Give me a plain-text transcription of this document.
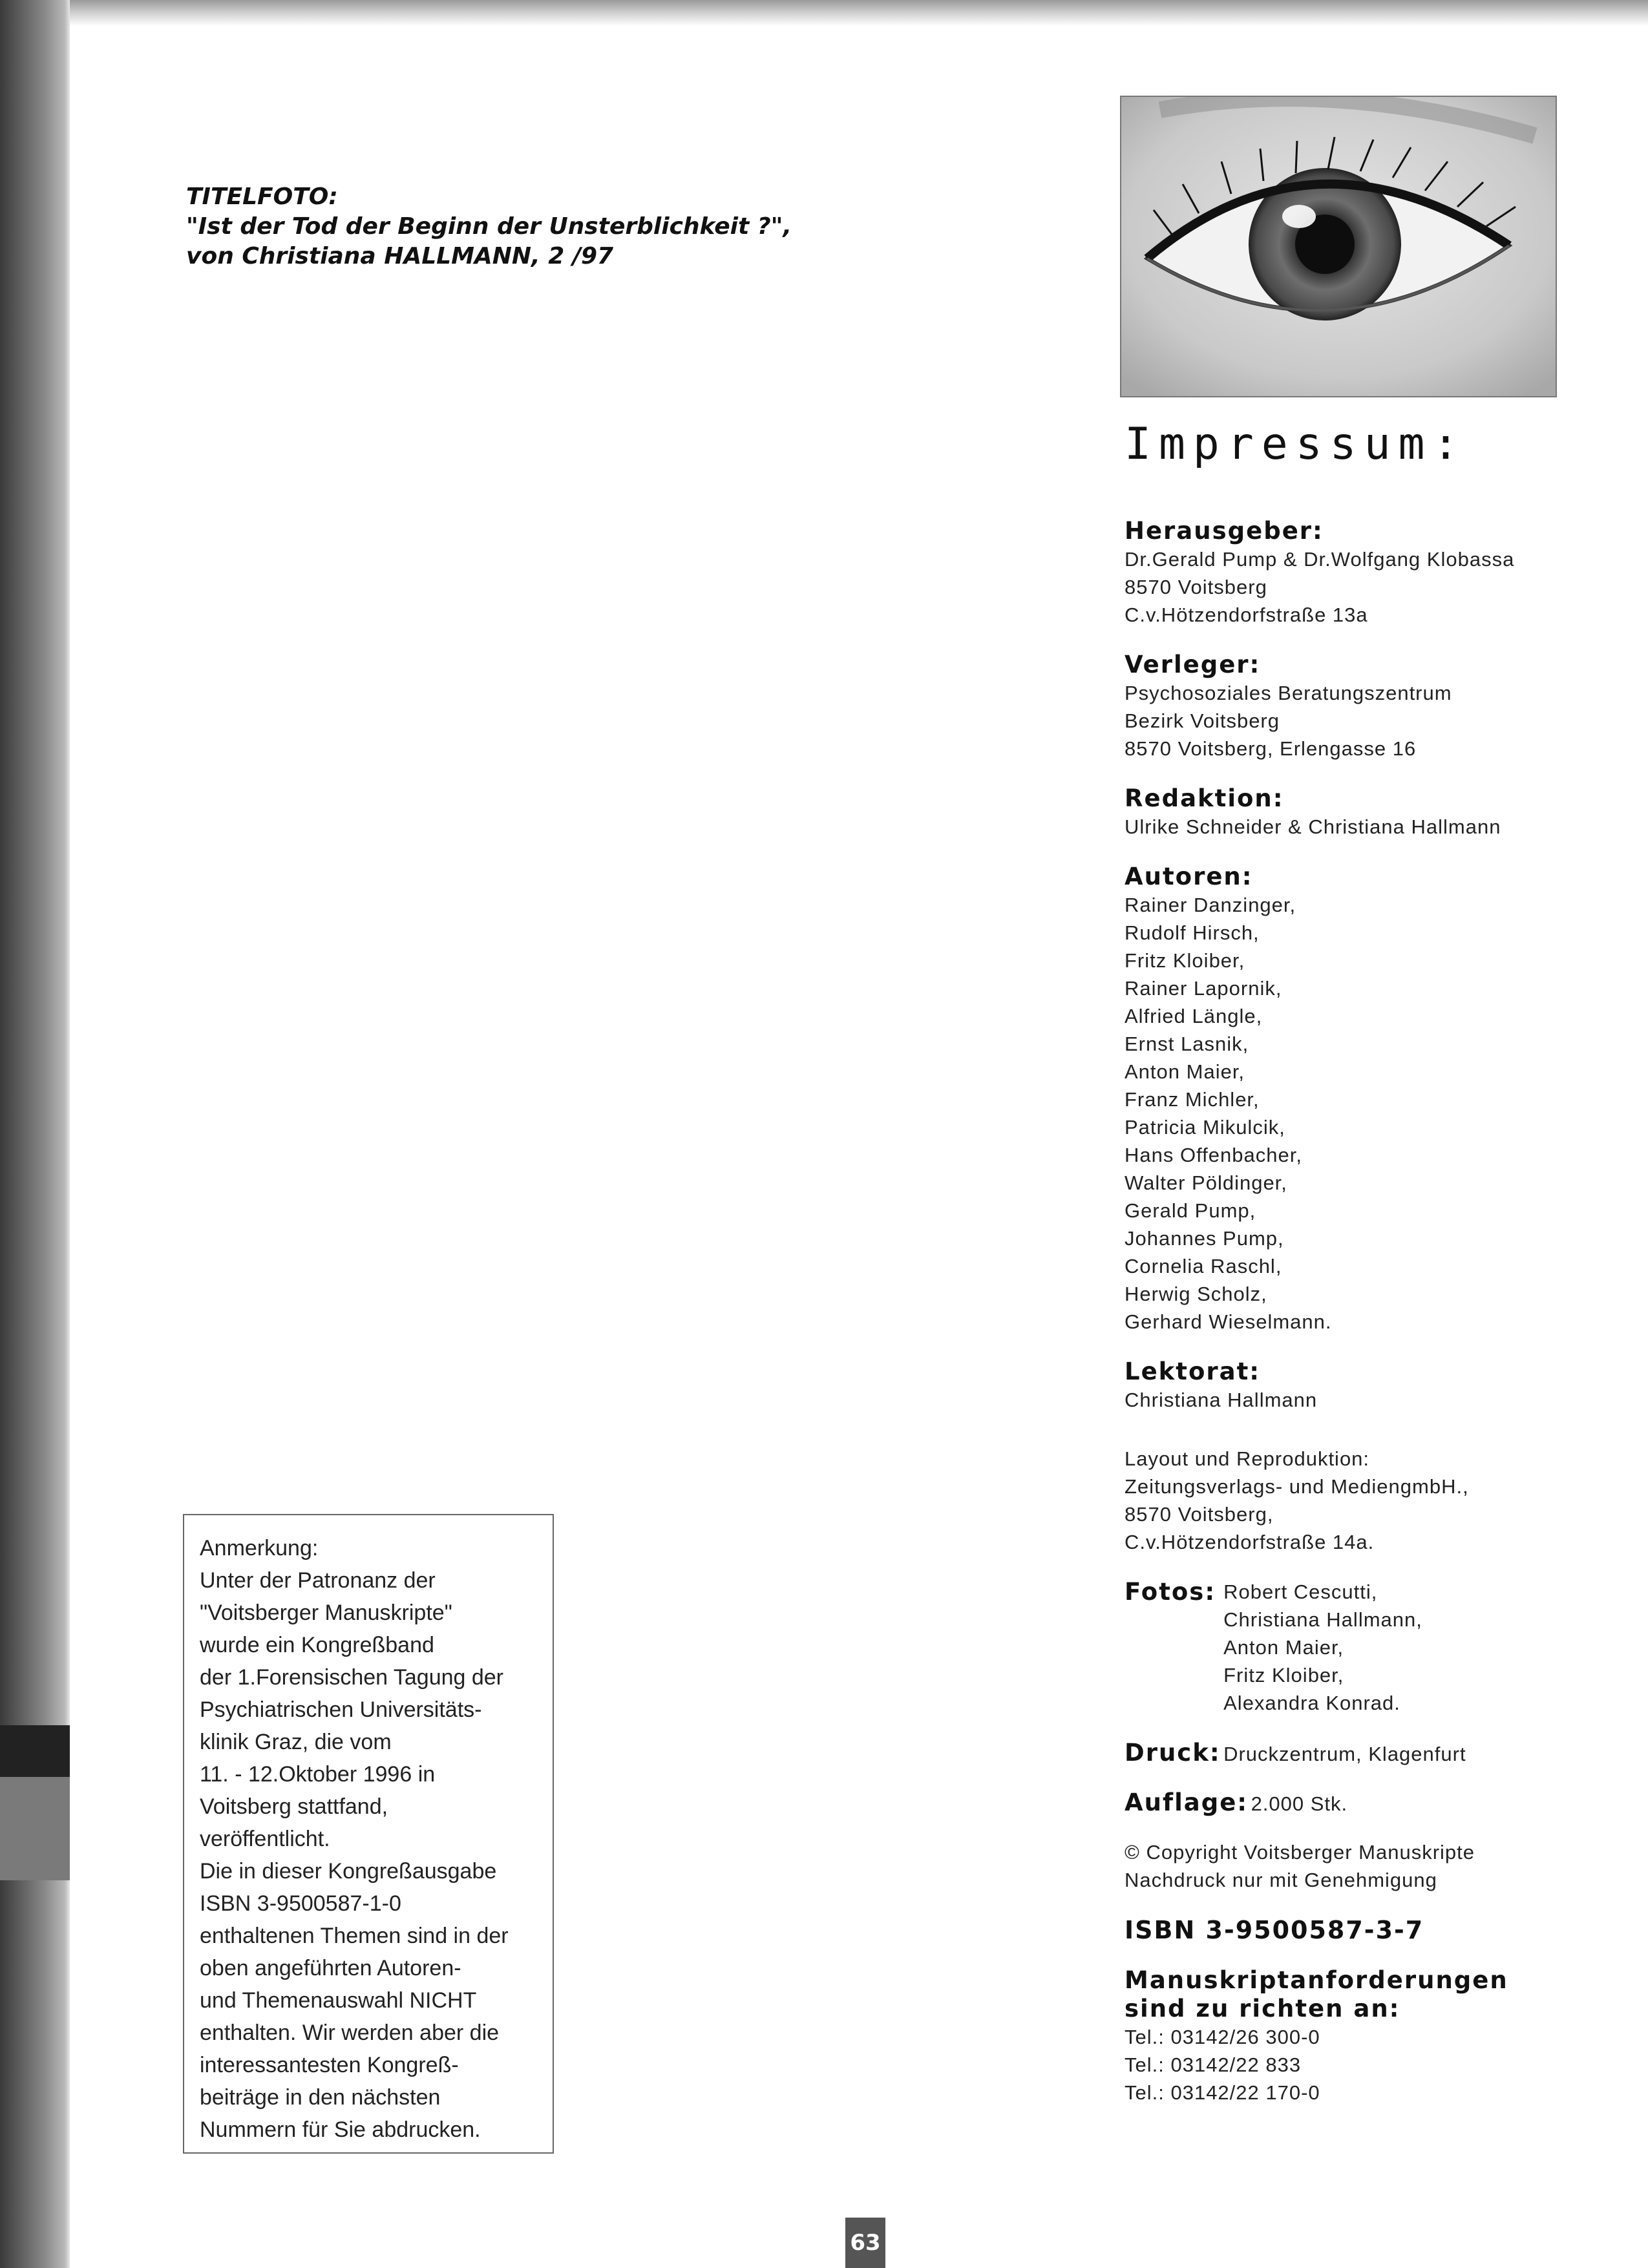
TITELFOTO:
"Ist der Tod der Beginn der Unsterblichkeit ?",
von Christiana HALLMANN, 2 /97
Impressum:
Herausgeber:
Dr.Gerald Pump & Dr.Wolfgang Klobassa
8570 Voitsberg
C.v.Hötzendorfstraße 13a
Verleger:
Psychosoziales Beratungszentrum
Bezirk Voitsberg
8570 Voitsberg, Erlengasse 16
Redaktion:
Ulrike Schneider & Christiana Hallmann
Autoren:
Rainer Danzinger,
Rudolf Hirsch,
Fritz Kloiber,
Rainer Lapornik,
Alfried Längle,
Ernst Lasnik,
Anton Maier,
Franz Michler,
Patricia Mikulcik,
Hans Offenbacher,
Walter Pöldinger,
Gerald Pump,
Johannes Pump,
Cornelia Raschl,
Herwig Scholz,
Gerhard Wieselmann.
Lektorat:
Christiana Hallmann
Layout und Reproduktion:
Zeitungsverlags- und MediengmbH.,
8570 Voitsberg,
C.v.Hötzendorfstraße 14a.
Fotos: Robert Cescutti,
Christiana Hallmann,
Anton Maier,
Fritz Kloiber,
Alexandra Konrad.
Druck: Druckzentrum, Klagenfurt
Auflage: 2.000 Stk.
© Copyright Voitsberger Manuskripte
Nachdruck nur mit Genehmigung
ISBN 3-9500587-3-7
Manuskriptanforderungen
sind zu richten an:
Tel.: 03142/26 300-0
Tel.: 03142/22 833
Tel.: 03142/22 170-0
Anmerkung:
Unter der Patronanz der
"Voitsberger Manuskripte"
wurde ein Kongreßband
der 1.Forensischen Tagung der
Psychiatrischen Universitäts-
klinik Graz, die vom
11. - 12.Oktober 1996 in
Voitsberg stattfand,
veröffentlicht.
Die in dieser Kongreßausgabe
ISBN 3-9500587-1-0
enthaltenen Themen sind in der
oben angeführten Autoren-
und Themenauswahl NICHT
enthalten. Wir werden aber die
interessantesten Kongreß-
beiträge in den nächsten
Nummern für Sie abdrucken.
63
